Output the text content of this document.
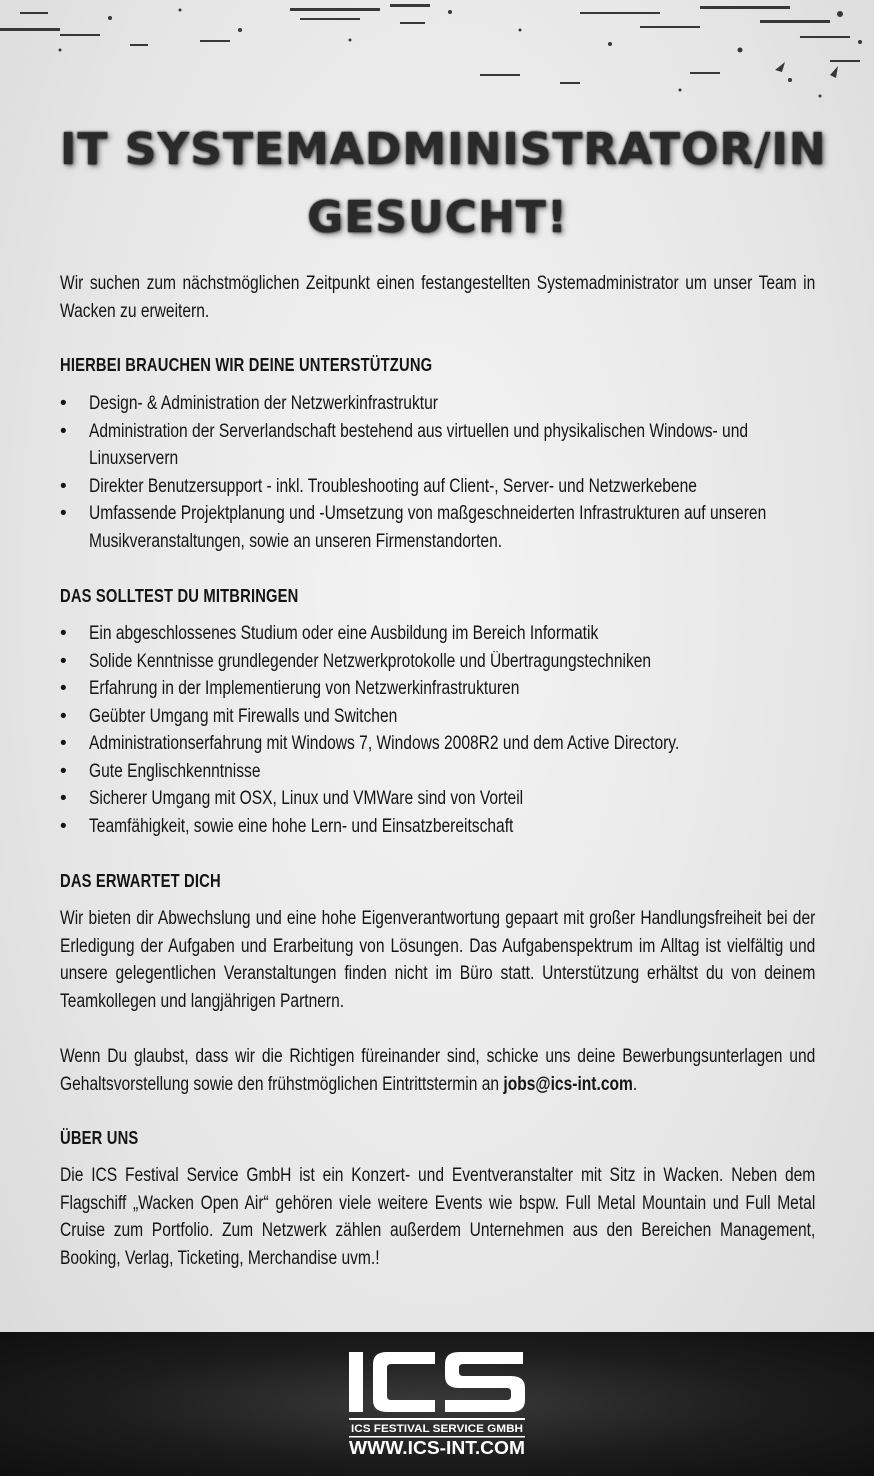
IT SYSTEMADMINISTRATOR/IN
GESUCHT!
Wir suchen zum nächstmöglichen Zeitpunkt einen festangestellten Systemadministrator um unser Team in Wacken zu erweitern.
HIERBEI BRAUCHEN WIR DEINE UNTERSTÜTZUNG
• Design- & Administration der Netzwerkinfrastruktur
• Administration der Serverlandschaft bestehend aus virtuellen und physikalischen Windows- und Linuxservern
• Direkter Benutzersupport - inkl. Troubleshooting auf Client-, Server- und Netzwerkebene
• Umfassende Projektplanung und -Umsetzung von maßgeschneiderten Infrastrukturen auf unseren Musikveranstaltungen, sowie an unseren Firmenstandorten.
DAS SOLLTEST DU MITBRINGEN
• Ein abgeschlossenes Studium oder eine Ausbildung im Bereich Informatik
• Solide Kenntnisse grundlegender Netzwerkprotokolle und Übertragungstechniken
• Erfahrung in der Implementierung von Netzwerkinfrastrukturen
• Geübter Umgang mit Firewalls und Switchen
• Administrationserfahrung mit Windows 7, Windows 2008R2 und dem Active Directory.
• Gute Englischkenntnisse
• Sicherer Umgang mit OSX, Linux und VMWare sind von Vorteil
• Teamfähigkeit, sowie eine hohe Lern- und Einsatzbereitschaft
DAS ERWARTET DICH
Wir bieten dir Abwechslung und eine hohe Eigenverantwortung gepaart mit großer Handlungsfreiheit bei der Erledigung der Aufgaben und Erarbeitung von Lösungen. Das Aufgabenspektrum im Alltag ist vielfältig und unsere gelegentlichen Veranstaltungen finden nicht im Büro statt. Unterstützung erhältst du von deinem Teamkollegen und langjährigen Partnern.
Wenn Du glaubst, dass wir die Richtigen füreinander sind, schicke uns deine Bewerbungsunterlagen und Gehaltsvorstellung sowie den frühstmöglichen Eintrittstermin an jobs@ics-int.com.
ÜBER UNS
Die ICS Festival Service GmbH ist ein Konzert- und Eventveranstalter mit Sitz in Wacken. Neben dem Flagschiff „Wacken Open Air“ gehören viele weitere Events wie bspw. Full Metal Mountain und Full Metal Cruise zum Portfolio. Zum Netzwerk zählen außerdem Unternehmen aus den Bereichen Management, Booking, Verlag, Ticketing, Merchandise uvm.!
ICS FESTIVAL SERVICE GMBH
WWW.ICS-INT.COM
